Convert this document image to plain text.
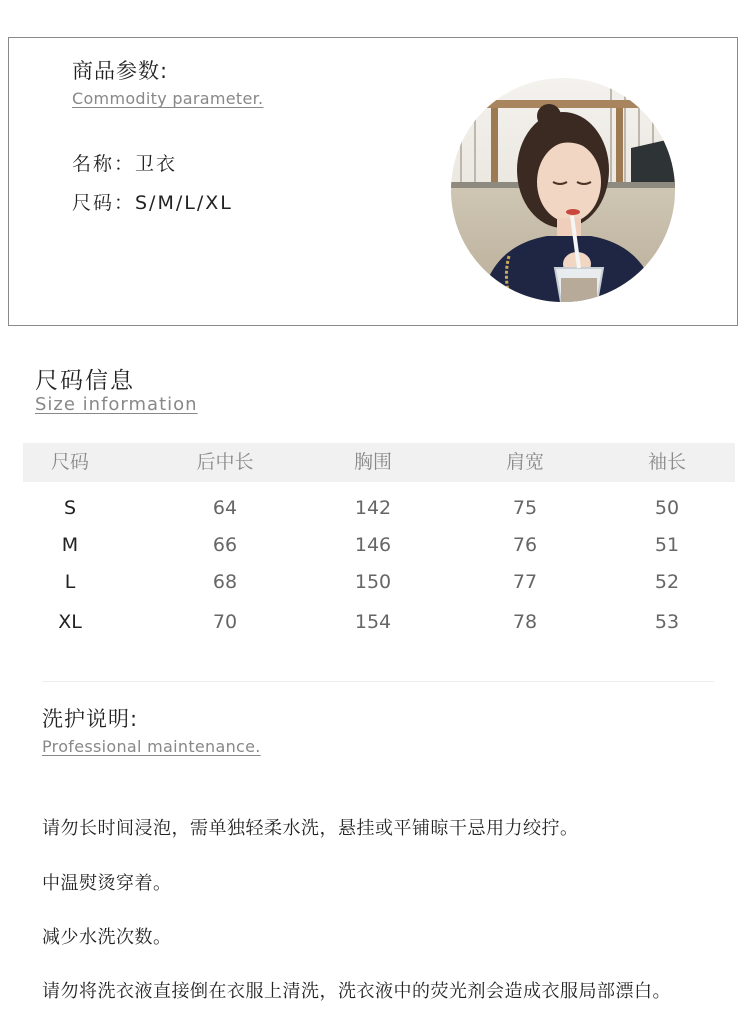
商品参数:
Commodity parameter.
名称：卫衣
尺码：S/M/L/XL
尺码信息
Size information
尺码	后中长	胸围	肩宽	袖长
S	64	142	75	50
M	66	146	76	51
L	68	150	77	52
XL	70	154	78	53
洗护说明:
Professional maintenance.
请勿长时间浸泡，需单独轻柔水洗，悬挂或平铺晾干忌用力绞拧。
中温熨烫穿着。
减少水洗次数。
请勿将洗衣液直接倒在衣服上清洗，洗衣液中的荧光剂会造成衣服局部漂白。
